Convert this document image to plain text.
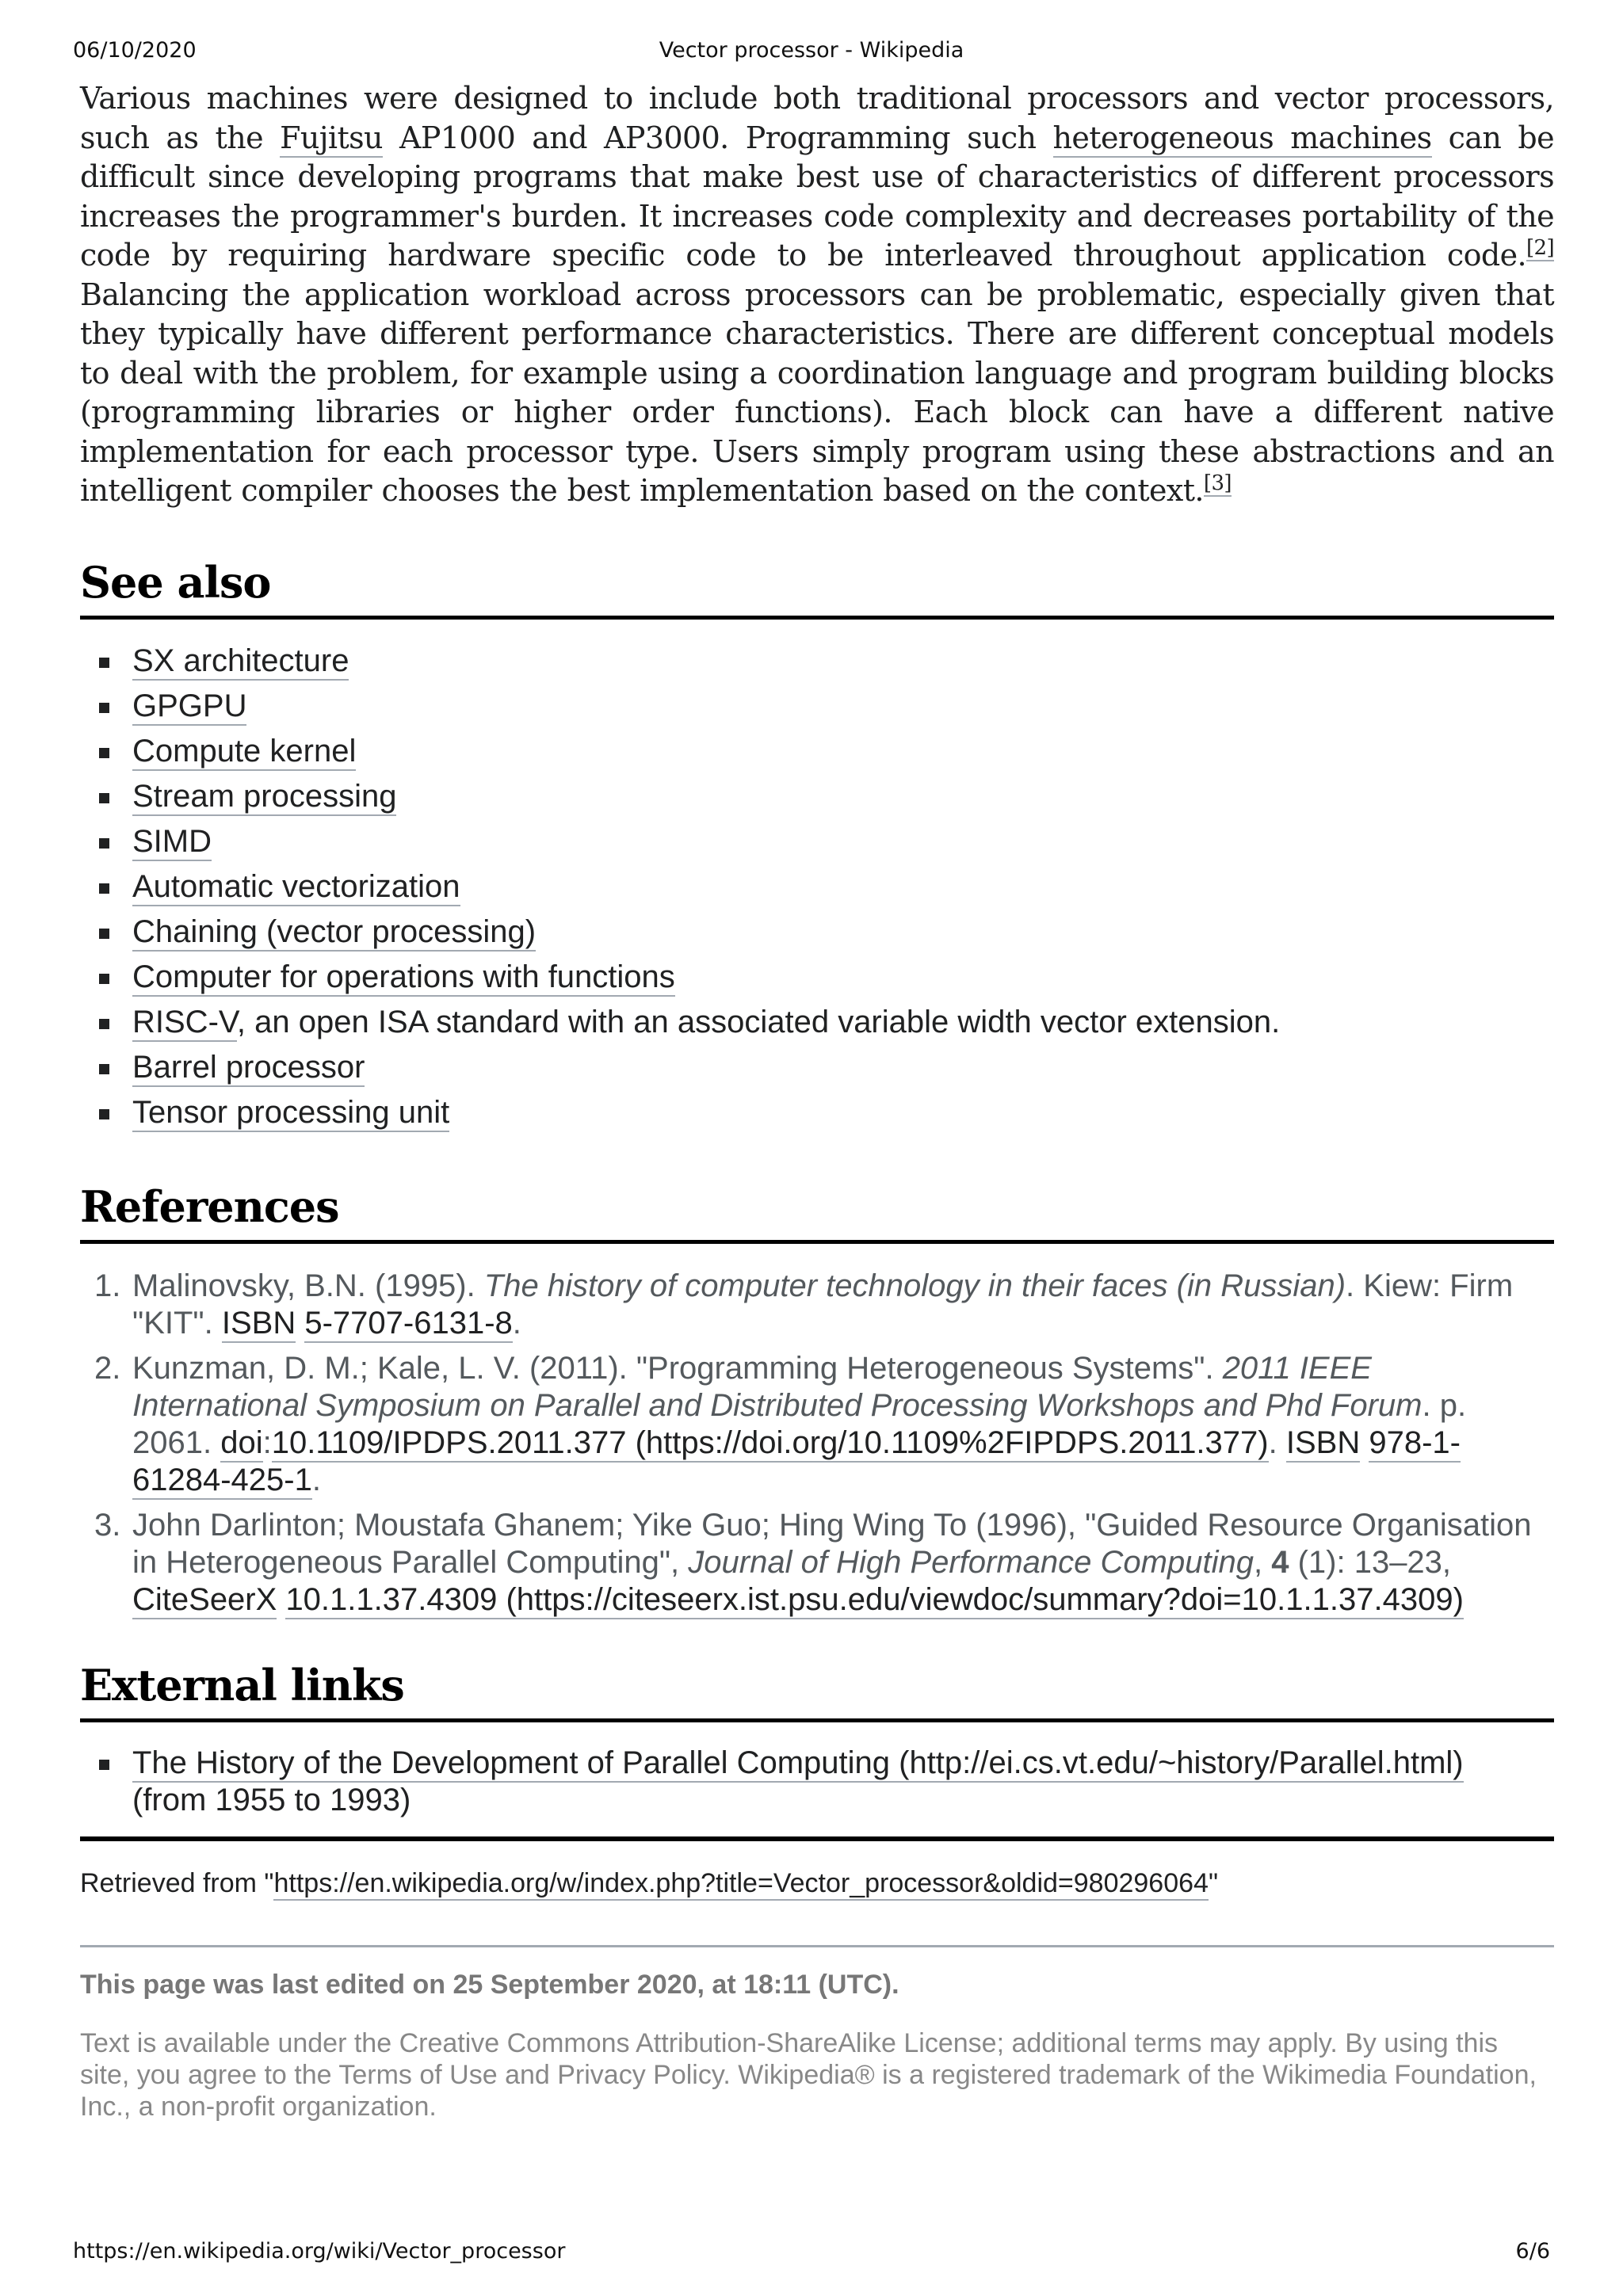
06/10/2020	Vector processor - Wikipedia

Various machines were designed to include both traditional processors and vector processors, such as the Fujitsu AP1000 and AP3000. Programming such heterogeneous machines can be difficult since developing programs that make best use of characteristics of different processors increases the programmer's burden. It increases code complexity and decreases portability of the code by requiring hardware specific code to be interleaved throughout application code.[2] Balancing the application workload across processors can be problematic, especially given that they typically have different performance characteristics. There are different conceptual models to deal with the problem, for example using a coordination language and program building blocks (programming libraries or higher order functions). Each block can have a different native implementation for each processor type. Users simply program using these abstractions and an intelligent compiler chooses the best implementation based on the context.[3]

See also
SX architecture
GPGPU
Compute kernel
Stream processing
SIMD
Automatic vectorization
Chaining (vector processing)
Computer for operations with functions
RISC-V, an open ISA standard with an associated variable width vector extension.
Barrel processor
Tensor processing unit
References
1. Malinovsky, B.N. (1995). The history of computer technology in their faces (in Russian). Kiew: Firm "KIT". ISBN 5-7707-6131-8.
2. Kunzman, D. M.; Kale, L. V. (2011). "Programming Heterogeneous Systems". 2011 IEEE International Symposium on Parallel and Distributed Processing Workshops and Phd Forum. p. 2061. doi:10.1109/IPDPS.2011.377 (https://doi.org/10.1109%2FIPDPS.2011.377). ISBN 978-1-61284-425-1.
3. John Darlinton; Moustafa Ghanem; Yike Guo; Hing Wing To (1996), "Guided Resource Organisation in Heterogeneous Parallel Computing", Journal of High Performance Computing, 4 (1): 13–23, CiteSeerX 10.1.1.37.4309 (https://citeseerx.ist.psu.edu/viewdoc/summary?doi=10.1.1.37.4309)
External links
The History of the Development of Parallel Computing (http://ei.cs.vt.edu/~history/Parallel.html)
(from 1955 to 1993)
Retrieved from "https://en.wikipedia.org/w/index.php?title=Vector_processor&oldid=980296064"
This page was last edited on 25 September 2020, at 18:11 (UTC).
Text is available under the Creative Commons Attribution-ShareAlike License; additional terms may apply. By using this site, you agree to the Terms of Use and Privacy Policy. Wikipedia® is a registered trademark of the Wikimedia Foundation, Inc., a non-profit organization.
https://en.wikipedia.org/wiki/Vector_processor	6/6
